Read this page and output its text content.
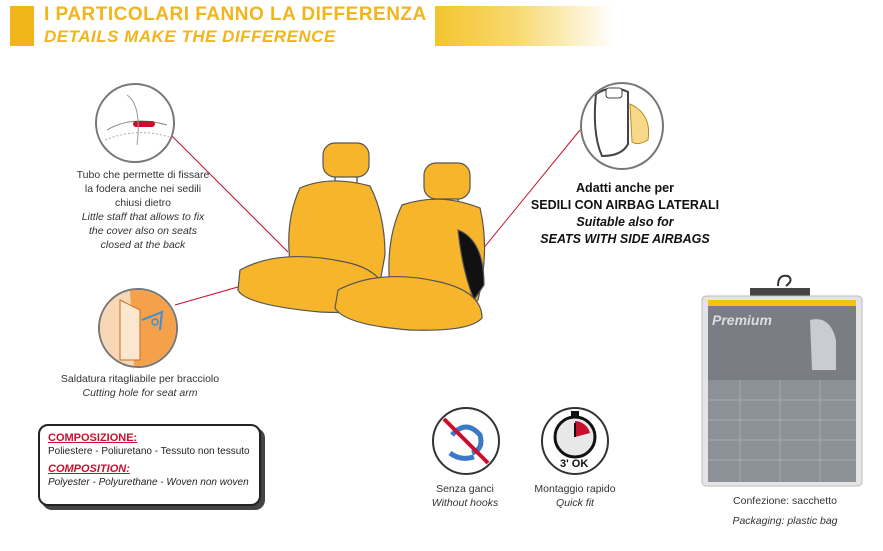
I PARTICOLARI FANNO LA DIFFERENZA
DETAILS MAKE THE DIFFERENCE
Tubo che permette di fissare
la fodera anche nei sedili
chiusi dietro
Little staff that allows to fix
the cover also on seats
closed at the back
Saldatura ritagliabile per bracciolo
Cutting hole for seat arm
Adatti anche per
SEDILI CON AIRBAG LATERALI
Suitable also for
SEATS WITH SIDE AIRBAGS
COMPOSIZIONE:
Poliestere - Poliuretano - Tessuto non tessuto
COMPOSITION:
Polyester - Polyurethane - Woven non woven
Senza ganci
Without hooks
3' OK
Montaggio rapido
Quick fit
Premium
Confezione: sacchetto
Packaging: plastic bag
